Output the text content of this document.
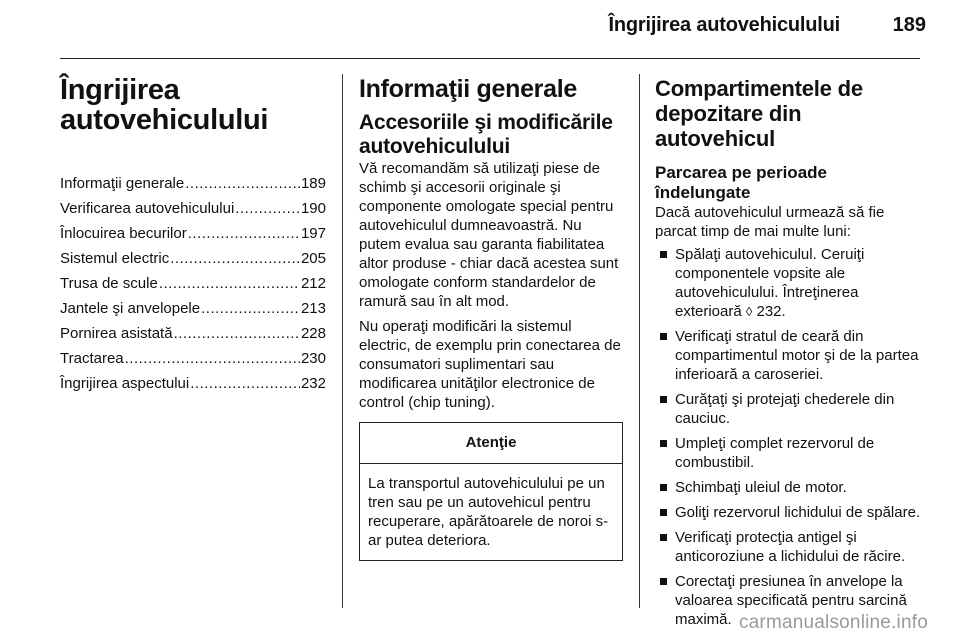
Îngrijirea autovehiculului	189
Îngrijirea
autovehiculului
Informaţii generale .....	189
Verificarea autovehiculului .....	190
Înlocuirea becurilor .....	197
Sistemul electric .....	205
Trusa de scule .....	212
Jantele şi anvelopele .....	213
Pornirea asistată .....	228
Tractarea .....	230
Îngrijirea aspectului .....	232
Informaţii generale
Accesoriile şi modificările autovehiculului

Vă recomandăm să utilizaţi piese de schimb şi accesorii originale şi componente omologate special pentru autovehiculul dumneavoastră. Nu putem evalua sau garanta fiabilitatea altor produse - chiar dacă acestea sunt omologate conform standardelor de ramură sau în alt mod.

Nu operaţi modificări la sistemul electric, de exemplu prin conectarea de consumatori suplimentari sau modificarea unităţilor electronice de control (chip tuning).

Atenţie
La transportul autovehiculului pe un tren sau pe un autovehicul pentru recuperare, apărătoarele de noroi s-ar putea deteriora.
Compartimentele de depozitare din autovehicul
Parcarea pe perioade îndelungate

Dacă autovehiculul urmează să fie parcat timp de mai multe luni:

Spălaţi autovehiculul. Ceruiţi componentele vopsite ale autovehiculului. Întreţinerea exterioară ◊ 232.
Verificaţi stratul de ceară din compartimentul motor şi de la partea inferioară a caroseriei.
Curăţaţi şi protejaţi chederele din cauciuc.
Umpleţi complet rezervorul de combustibil.
Schimbaţi uleiul de motor.
Goliţi rezervorul lichidului de spălare.
Verificaţi protecţia antigel şi anticoroziune a lichidului de răcire.
Corectaţi presiunea în anvelope la valoarea specificată pentru sarcină maximă. carmanualsonline.info
